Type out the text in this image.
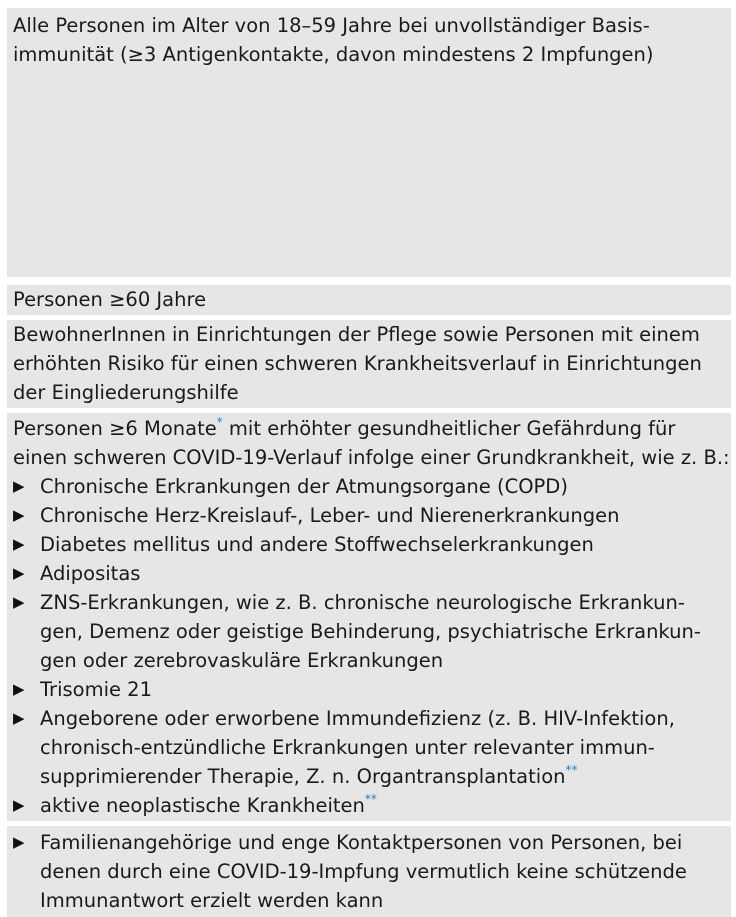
Alle Personen im Alter von 18–59 Jahre bei unvollständiger Basis-
immunität (≥3 Antigenkontakte, davon mindestens 2 Impfungen)
Personen ≥60 Jahre
BewohnerInnen in Einrichtungen der Pflege sowie Personen mit einem
erhöhten Risiko für einen schweren Krankheitsverlauf in Einrichtungen
der Eingliederungshilfe
Personen ≥6 Monate* mit erhöhter gesundheitlicher Gefährdung für
einen schweren COVID-19-Verlauf infolge einer Grundkrankheit, wie z. B.:
▶ Chronische Erkrankungen der Atmungsorgane (COPD)
▶ Chronische Herz-Kreislauf-, Leber- und Nierenerkrankungen
▶ Diabetes mellitus und andere Stoffwechselerkrankungen
▶ Adipositas
▶ ZNS-Erkrankungen, wie z. B. chronische neurologische Erkrankun-
gen, Demenz oder geistige Behinderung, psychiatrische Erkrankun-
gen oder zerebrovaskuläre Erkrankungen
▶ Trisomie 21
▶ Angeborene oder erworbene Immundefizienz (z. B. HIV-Infektion,
chronisch-entzündliche Erkrankungen unter relevanter immun-
supprimierender Therapie, Z. n. Organtransplantation**
▶ aktive neoplastische Krankheiten**
▶ Familienangehörige und enge Kontaktpersonen von Personen, bei
denen durch eine COVID-19-Impfung vermutlich keine schützende
Immunantwort erzielt werden kann
